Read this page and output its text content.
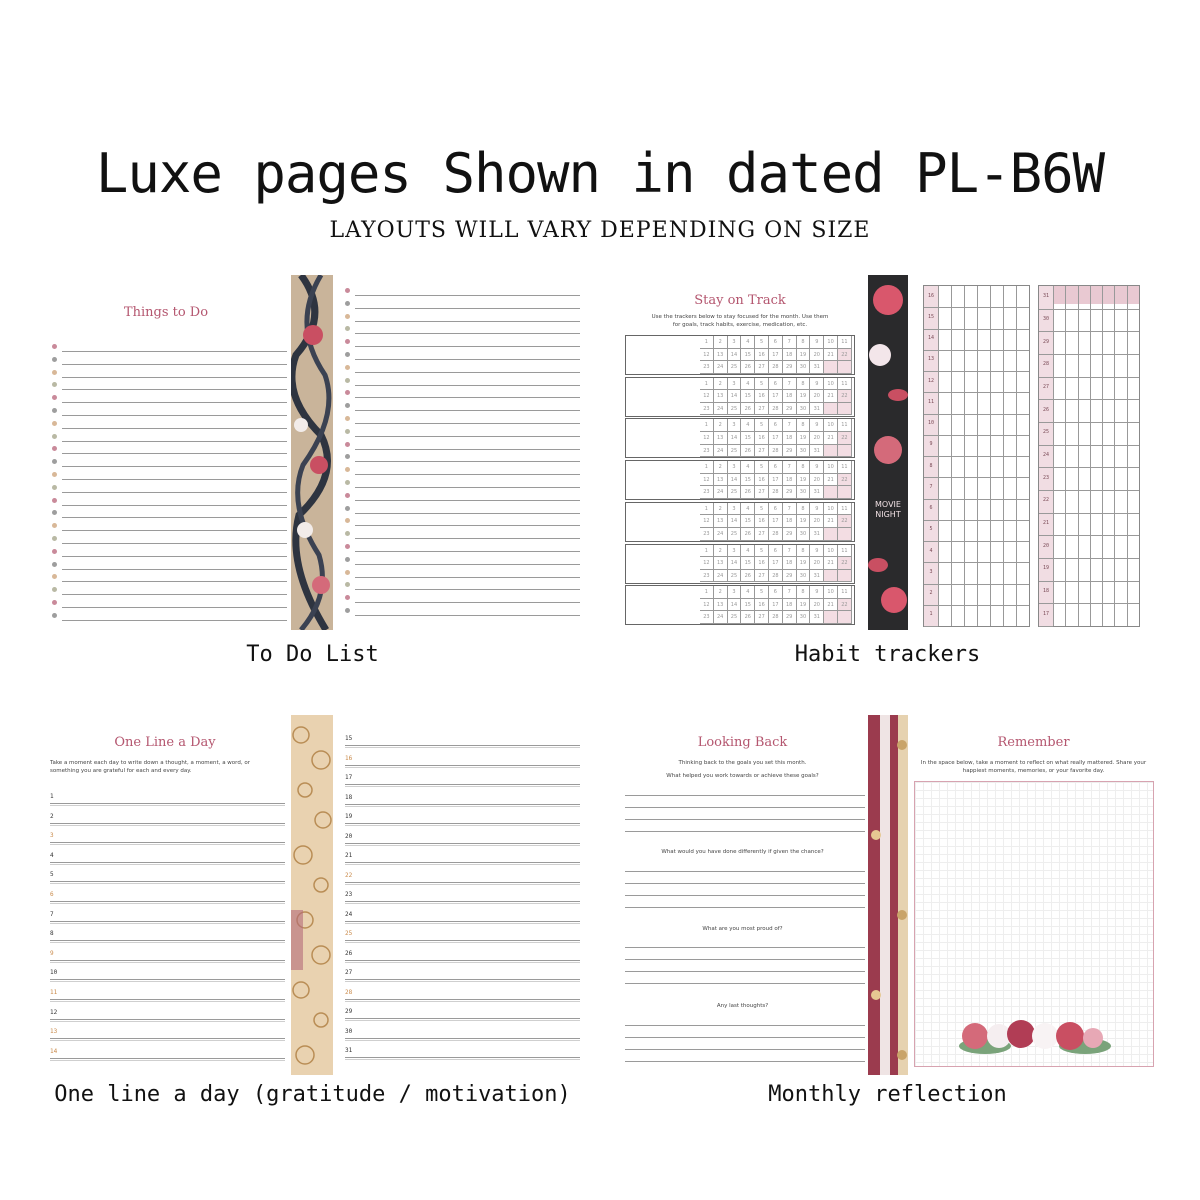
Luxe pages Shown in dated PL-B6W
LAYOUTS WILL VARY DEPENDING ON SIZE
Things to Do
To Do List
Stay on Track
Use the trackers below to stay focused for the month. Use them for goals, track habits, exercise, medication, etc.
1	2	3	4	5	6	7	8	9	10	11
12	13	14	15	16	17	18	19	20	21	22
23	24	25	26	27	28	29	30	31
1	2	3	4	5	6	7	8	9	10	11
12	13	14	15	16	17	18	19	20	21	22
23	24	25	26	27	28	29	30	31
1	2	3	4	5	6	7	8	9	10	11
12	13	14	15	16	17	18	19	20	21	22
23	24	25	26	27	28	29	30	31
1	2	3	4	5	6	7	8	9	10	11
12	13	14	15	16	17	18	19	20	21	22
23	24	25	26	27	28	29	30	31
1	2	3	4	5	6	7	8	9	10	11
12	13	14	15	16	17	18	19	20	21	22
23	24	25	26	27	28	29	30	31
1	2	3	4	5	6	7	8	9	10	11
12	13	14	15	16	17	18	19	20	21	22
23	24	25	26	27	28	29	30	31
1	2	3	4	5	6	7	8	9	10	11
12	13	14	15	16	17	18	19	20	21	22
23	24	25	26	27	28	29	30	31
MOVIE NIGHT
16
15
14
13
12
11
10
9
8
7
6
5
4
3
2
1
31
30
29
28
27
26
25
24
23
22
21
20
19
18
17
Habit trackers
One Line a Day
Take a moment each day to write down a thought, a moment, a word, or something you are grateful for each and every day.
1
2
3
4
5
6
7
8
9
10
11
12
13
14
15
16
17
18
19
20
21
22
23
24
25
26
27
28
29
30
31
One line a day (gratitude / motivation)
Looking Back
Thinking back to the goals you set this month.
What helped you work towards or achieve these goals?
What would you have done differently if given the chance?
What are you most proud of?
Any last thoughts?
Remember
In the space below, take a moment to reflect on what really mattered. Share your happiest moments, memories, or your favorite day.
Monthly reflection
